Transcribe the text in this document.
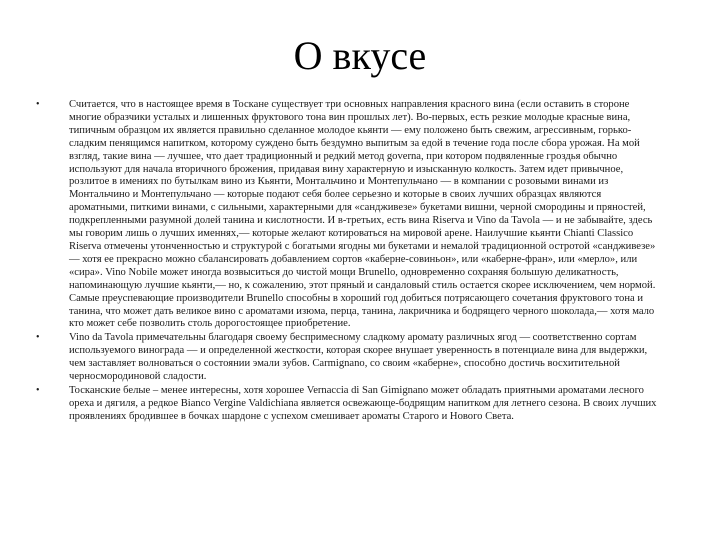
О вкусе
•	Считается, что в настоящее время в Тоскане существует три основных направления красного вина (если оставить в стороне многие образчики усталых и лишенных фруктового тона вин прошлых лет). Во-первых, есть резкие молодые красные вина, типичным образцом их является правильно сделанное молодое кьянти — ему положено быть свежим, агрессивным, горько-сладким пенящимся напитком, которому суждено быть бездумно выпитым за едой в течение года после сбора урожая. На мой взгляд, такие вина — лучшее, что дает традиционный и редкий метод governa, при котором подвяленные гроздья обычно используют для начала вторичного брожения, придавая вину характерную и изысканную колкость. Затем идет привычное, розлитое в имениях по бутылкам вино из Кьянти, Монтальчино и Монтепульчано — в компании с розовыми винами из Монтальчино и Монтепульчано — которые подают себя более серьезно и которые в своих лучших образцах являются ароматными, питкими винами, с сильными, характерными для «сандживезе» букетами вишни, черной смородины и пряностей, подкрепленными разумной долей танина и кислотности. И в-третьих, есть вина Riserva и Vino da Tavola — и не забывайте, здесь мы говорим лишь о лучших именнях,— которые желают котироваться на мировой арене. Наилучшие кьянти Chianti Classico Riserva отмечены утонченностью и структурой с богатыми ягодны ми букетами и немалой традиционной остротой «сандживезе» — хотя ее прекрасно можно сбалансировать добавлением сортов «каберне-совиньон», или «каберне-фран», или «мерло», или «сира». Vino Nobile может иногда возвыситься до чистой мощи Brunello, одновременно сохраняя большую деликатность, напоминающую лучшие кьянти,— но, к сожалению, этот пряный и сандаловый стиль остается скорее исключением, чем нормой. Самые преуспевающие производители Brunello способны в хороший год добиться потрясающего сочетания фруктового тона и танина, что может дать великое вино с ароматами изюма, перца, танина, лакричника и бодрящего черного шоколада,— хотя мало кто может себе позволить столь дорогостоящее приобретение.
•	Vino da Tavola примечательны благодаря своему беспримесному сладкому аромату различных ягод — соответственно сортам используемого винограда — и определенной жесткости, которая скорее внушает уверенность в потенциале вина для выдержки, чем заставляет волноваться о состоянии эмали зубов. Carmignano, со своим «каберне», способно достичь восхитительной черносмородиновой сладости.
•	Тосканские белые – менее интересны, хотя хорошее Vernaccia di San Gimignano может обладать приятными ароматами лесного ореха и дягиля, а редкое Bianco Vergine Valdichiana является освежающе-бодрящим напитком для летнего сезона. В своих лучших проявлениях бродившее в бочках шардоне с успехом смешивает ароматы Старого и Нового Света.
